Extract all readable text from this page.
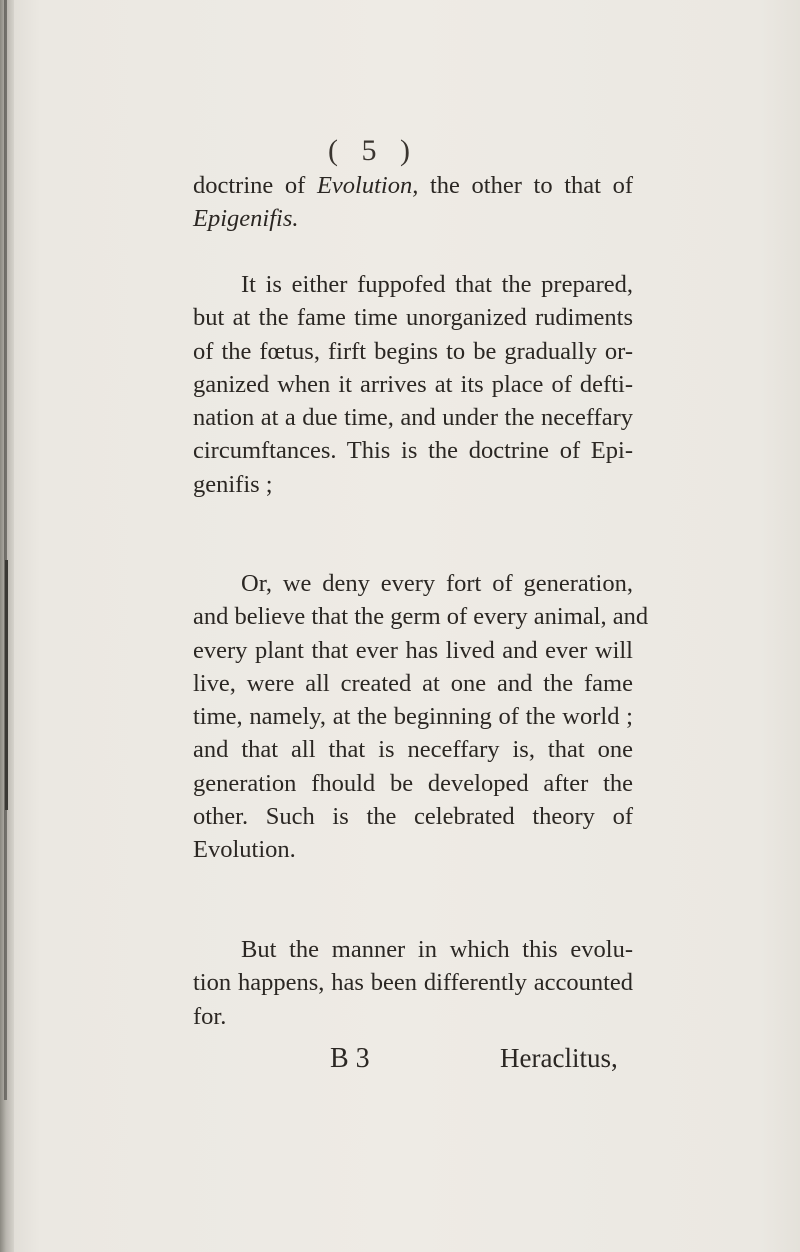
( 5 )
doctrine of Evolution, the other to that of
Epigenifis.
It is either fuppofed that the prepared,
but at the fame time unorganized rudiments
of the fœtus, firft begins to be gradually or-
ganized when it arrives at its place of defti-
nation at a due time, and under the neceffary
circumftances. This is the doctrine of Epi-
genifis ;
Or, we deny every fort of generation,
and believe that the germ of every animal, and
every plant that ever has lived and ever will
live, were all created at one and the fame
time, namely, at the beginning of the world ;
and that all that is neceffary is, that one
generation fhould be developed after the
other. Such is the celebrated theory of
Evolution.
But the manner in which this evolu-
tion happens, has been differently accounted
for.
B 3	Heraclitus,
